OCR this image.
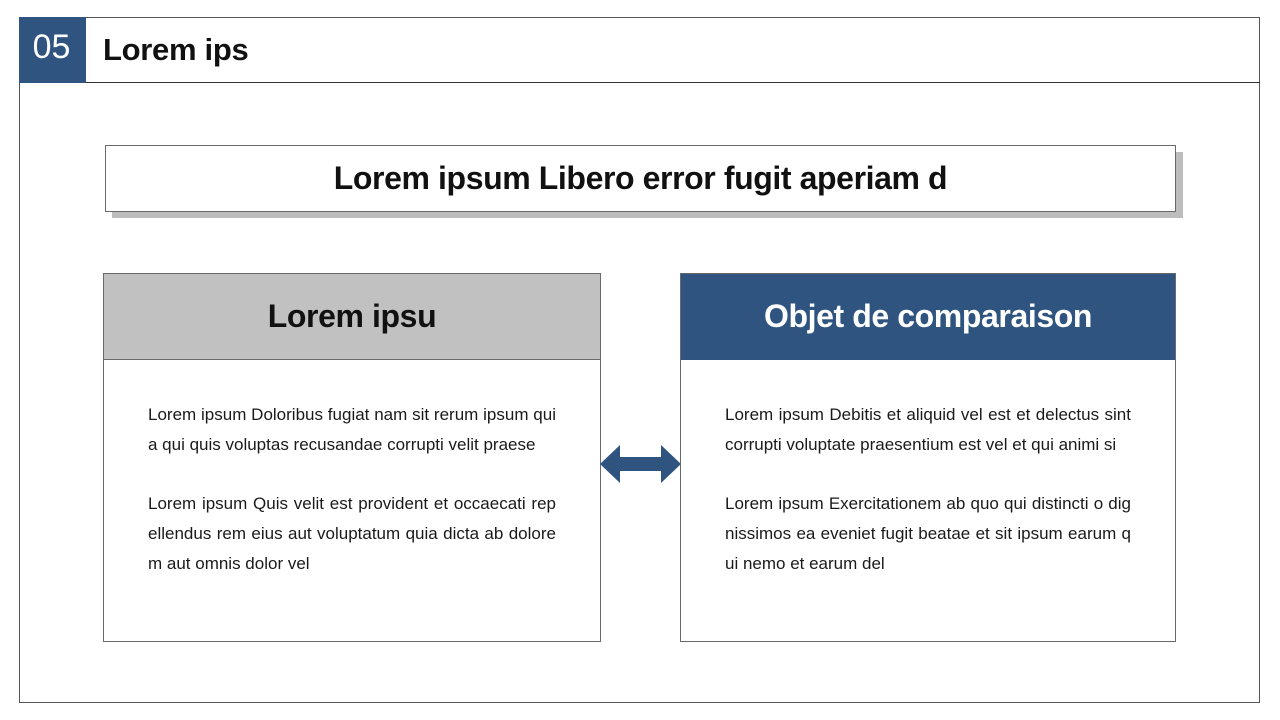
05	Lorem ips
Lorem ipsum Libero error fugit aperiam d
Lorem ipsu

Lorem ipsum Doloribus fugiat nam sit rerum ipsum quia qui quis voluptas recusandae corrupti velit praese

Lorem ipsum Quis velit est provident et occaecati repellendus rem eius aut voluptatum quia dicta ab dolorem aut omnis dolor vel

Objet de comparaison

Lorem ipsum Debitis et aliquid vel est et delectus sint corrupti voluptate praesentium est vel et qui animi si

Lorem ipsum Exercitationem ab quo qui distincti o dignissimos ea eveniet fugit beatae et sit ipsum earum qui nemo et earum del
